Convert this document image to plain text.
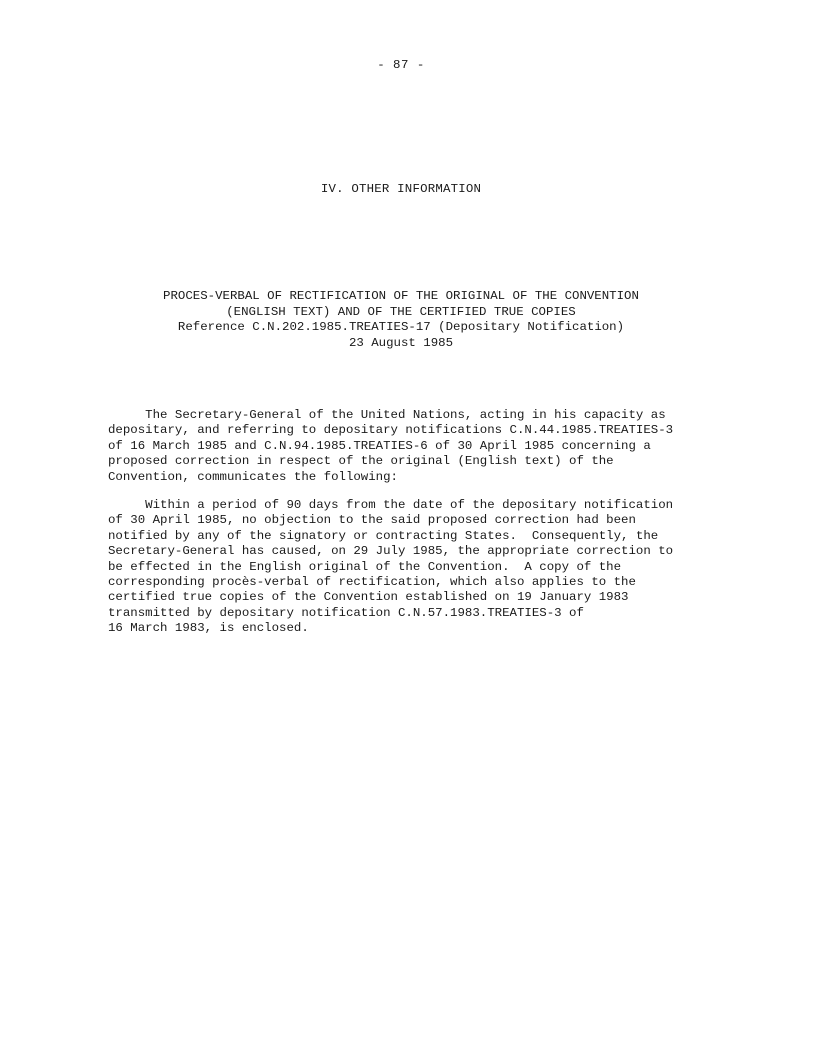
- 87 -
IV. OTHER INFORMATION
PROCES-VERBAL OF RECTIFICATION OF THE ORIGINAL OF THE CONVENTION
(ENGLISH TEXT) AND OF THE CERTIFIED TRUE COPIES
Reference C.N.202.1985.TREATIES-17 (Depositary Notification)
23 August 1985
The Secretary-General of the United Nations, acting in his capacity as
depositary, and referring to depositary notifications C.N.44.1985.TREATIES-3
of 16 March 1985 and C.N.94.1985.TREATIES-6 of 30 April 1985 concerning a
proposed correction in respect of the original (English text) of the
Convention, communicates the following:
Within a period of 90 days from the date of the depositary notification
of 30 April 1985, no objection to the said proposed correction had been
notified by any of the signatory or contracting States.  Consequently, the
Secretary-General has caused, on 29 July 1985, the appropriate correction to
be effected in the English original of the Convention.  A copy of the
corresponding procès-verbal of rectification, which also applies to the
certified true copies of the Convention established on 19 January 1983
transmitted by depositary notification C.N.57.1983.TREATIES-3 of
16 March 1983, is enclosed.
